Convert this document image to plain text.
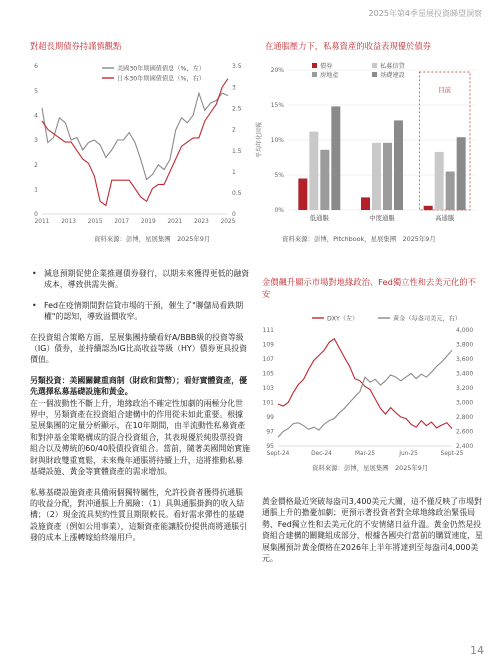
2025年第4季星展投資睇望洞察
對超長期債券持謹慎觀點
0
1
2
3
4
5
6
0
0.5
1
1.5
2
2.5
3
3.5
2011 2013 2015 2017 2019 2021 2023 2025
美國30年期國債債息（%，左）
日本30年期國債債息（%，右）
資料來源：彭博，星展集團　2025年9月
在通脹壓力下，私募資產的收益表現優於債券
0%
5%
10%
15%
20%
平均年化回報
目前
低通脹	中度通脹	高通脹
債券	私募信貸
房地產	基礎建設
資料來源：彭博，Pitchbook，星展集團　2025年9月
• 減息預期促使企業推遲債券發行，以期未來獲得更低的融資成本，導致供需失衡。
• Fed在疫情期間對信貸市場的干預，催生了"聯儲局看跌期權"的認知，導致溢價收窄。

在投資組合策略方面，星展集團持續看好A/BBB級的投資等級（IG）債券，並持續認為IG比高收益等級（HY）債券更具投資價值。

另類投資：美國關鍵重商制（財政和貨幣）；看好實體資產，優先選擇私募基礎設施和黃金。

在一個波動性不斷上升，地緣政治不確定性加劇的兩極分化世界中，另類資產在投資組合建構中的作用從未如此重要。根據星展集團的定量分析顯示，在10年期間，由半流動性私募資產和對沖基金策略構成的混合投資組合，其表現優於純股票投資組合以及傳統的60/40股債投資組合。當前，隨著美國開始實施財與財政雙重寬鬆，未來幾年通脹將持續上升，這將推動私募基礎設施、黃金等實體資產的需求增加。

私募基礎設施資產具備兩個獨特屬性，允許投資者獲得抗通脹的收益分配，對沖通脹上升風險：（1）具與通脹掛鉤的收入結構；（2）現金流具契約性質且期限較長。看好需求彈性的基礎設施資產（例如公用事業），這類資產能讓股份提供商將通脹引發的成本上漲轉嫁給終端用戶。

金價飆升顯示市場對地緣政治、Fed獨立性和去美元化的不安
95
97
99
101
103
105
107
109
111
2,400
2,600
2,800
3,000
3,200
3,400
3,600
3,800
4,000
Sept-24	Dec-24	Mar-25	Jun-25	Sept-25
DXY（左）	黃金（每盎司美元，右）
資料來源：彭博，星展集團　2025年9月
黃金價格最近突破每盎司3,400美元大關，這不僅反映了市場對通脹上升的擔憂加劇；更預示著投資者對全球地緣政治緊張局勢、Fed獨立性和去美元化的不安情緒日益升溫。黃金仍然是投資組合建構的關鍵組成部分，根據各國央行當前的購買速度，星展集團預計黃金價格在2026年上半年將達到至每盎司4,000美元。
14
